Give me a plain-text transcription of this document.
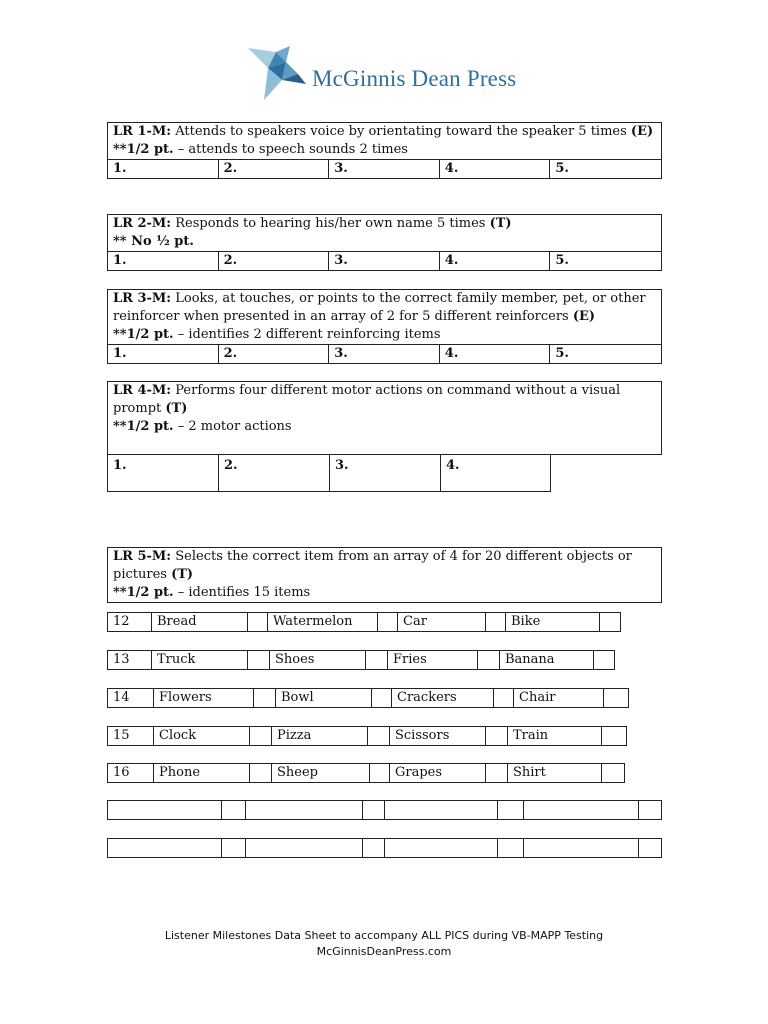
McGinnis Dean Press
LR 1-M: Attends to speakers voice by orientating toward the speaker 5 times (E)
**1/2 pt. – attends to speech sounds 2 times
1.	2.	3.	4.	5.
LR 2-M: Responds to hearing his/her own name 5 times (T)
** No ½ pt.
1.	2.	3.	4.	5.
LR 3-M: Looks, at touches, or points to the correct family member, pet, or other reinforcer when presented in an array of 2 for 5 different reinforcers (E)
**1/2 pt. – identifies 2 different reinforcing items
1.	2.	3.	4.	5.
LR 4-M: Performs four different motor actions on command without a visual prompt (T)
**1/2 pt. – 2 motor actions
1.	2.	3.	4.
LR 5-M: Selects the correct item from an array of 4 for 20 different objects or pictures (T)
**1/2 pt. – identifies 15 items
12	Bread	Watermelon	Car	Bike
13	Truck	Shoes	Fries	Banana
14	Flowers	Bowl	Crackers	Chair
15	Clock	Pizza	Scissors	Train
16	Phone	Sheep	Grapes	Shirt
Listener Milestones Data Sheet to accompany ALL PICS during VB-MAPP Testing
McGinnisDeanPress.com
